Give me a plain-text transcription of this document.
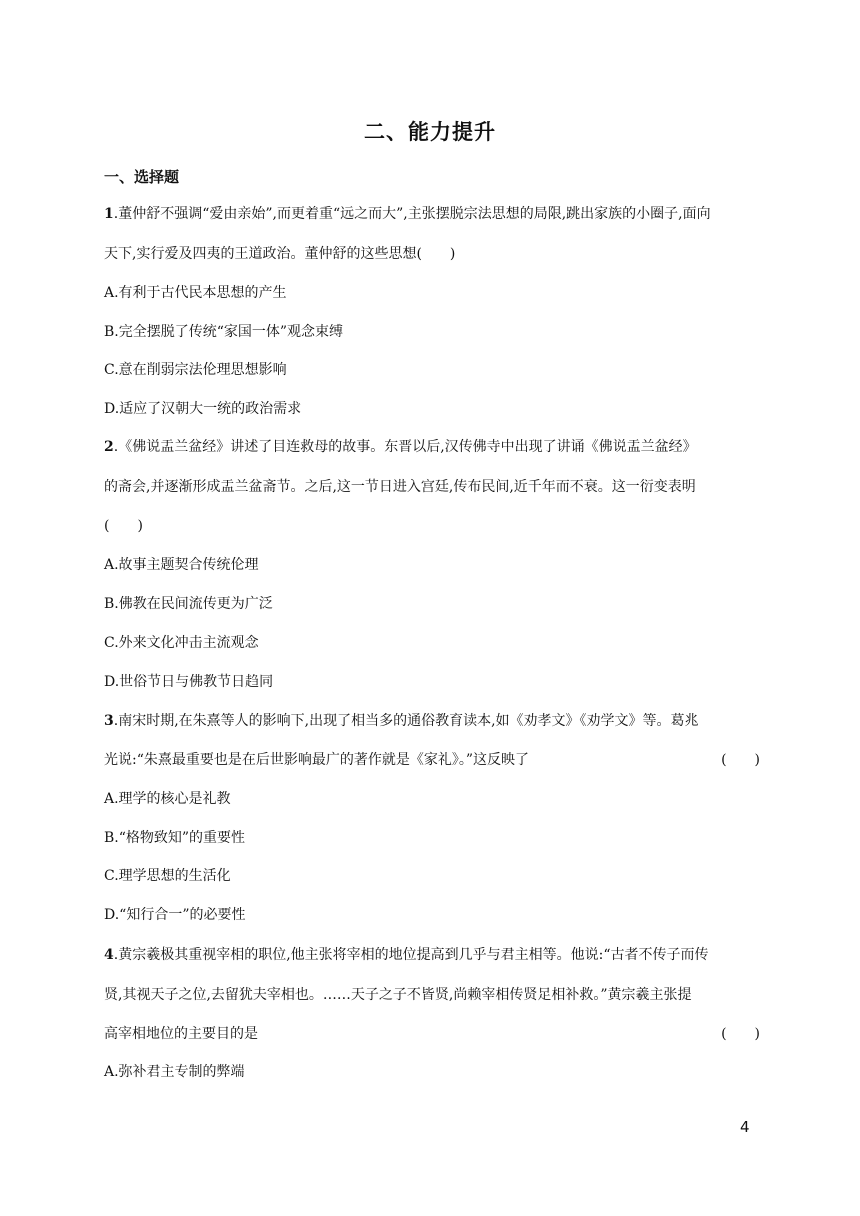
二、能力提升
一、选择题
1.董仲舒不强调“爱由亲始”,而更着重“远之而大”,主张摆脱宗法思想的局限,跳出家族的小圈子,面向
天下,实行爱及四夷的王道政治。董仲舒的这些思想(　　)
A.有利于古代民本思想的产生
B.完全摆脱了传统“家国一体”观念束缚
C.意在削弱宗法伦理思想影响
D.适应了汉朝大一统的政治需求
2.《佛说盂兰盆经》讲述了目连救母的故事。东晋以后,汉传佛寺中出现了讲诵《佛说盂兰盆经》
的斋会,并逐渐形成盂兰盆斋节。之后,这一节日进入宫廷,传布民间,近千年而不衰。这一衍变表明
(　　)
A.故事主题契合传统伦理
B.佛教在民间流传更为广泛
C.外来文化冲击主流观念
D.世俗节日与佛教节日趋同
3.南宋时期,在朱熹等人的影响下,出现了相当多的通俗教育读本,如《劝孝文》《劝学文》等。葛兆
光说:“朱熹最重要也是在后世影响最广的著作就是《家礼》。”这反映了	(　　)
A.理学的核心是礼教
B.“格物致知”的重要性
C.理学思想的生活化
D.“知行合一”的必要性
4.黄宗羲极其重视宰相的职位,他主张将宰相的地位提高到几乎与君主相等。他说:“古者不传子而传
贤,其视天子之位,去留犹夫宰相也。……天子之子不皆贤,尚赖宰相传贤足相补救。”黄宗羲主张提
高宰相地位的主要目的是	(　　)
A.弥补君主专制的弊端
4
